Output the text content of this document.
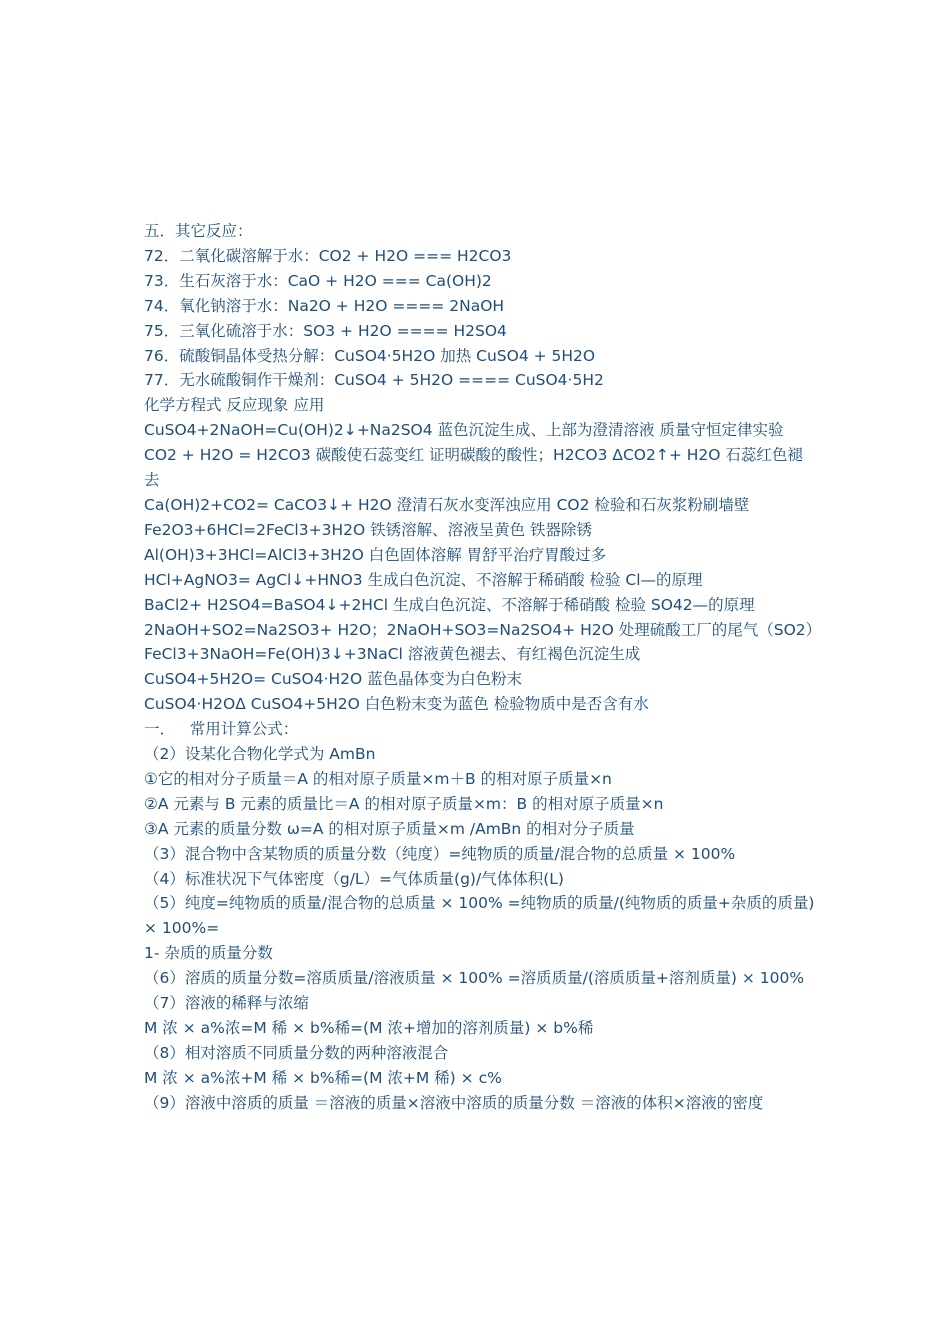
五．其它反应：
72．二氧化碳溶解于水：CO2 + H2O === H2CO3
73．生石灰溶于水：CaO + H2O === Ca(OH)2
74．氧化钠溶于水：Na2O + H2O ==== 2NaOH
75．三氧化硫溶于水：SO3 + H2O ==== H2SO4
76．硫酸铜晶体受热分解：CuSO4·5H2O 加热 CuSO4 + 5H2O
77．无水硫酸铜作干燥剂：CuSO4 + 5H2O ==== CuSO4·5H2
化学方程式 反应现象 应用
CuSO4+2NaOH=Cu(OH)2↓+Na2SO4 蓝色沉淀生成、上部为澄清溶液 质量守恒定律实验
CO2 + H2O = H2CO3 碳酸使石蕊变红 证明碳酸的酸性；H2CO3 ΔCO2↑+ H2O 石蕊红色褪去
Ca(OH)2+CO2= CaCO3↓+ H2O 澄清石灰水变浑浊应用 CO2 检验和石灰浆粉刷墙壁
Fe2O3+6HCl=2FeCl3+3H2O 铁锈溶解、溶液呈黄色 铁器除锈
Al(OH)3+3HCl=AlCl3+3H2O 白色固体溶解 胃舒平治疗胃酸过多
HCl+AgNO3= AgCl↓+HNO3 生成白色沉淀、不溶解于稀硝酸 检验 Cl—的原理
BaCl2+ H2SO4=BaSO4↓+2HCl 生成白色沉淀、不溶解于稀硝酸 检验 SO42—的原理
2NaOH+SO2=Na2SO3+ H2O；2NaOH+SO3=Na2SO4+ H2O 处理硫酸工厂的尾气（SO2）
FeCl3+3NaOH=Fe(OH)3↓+3NaCl 溶液黄色褪去、有红褐色沉淀生成
CuSO4+5H2O= CuSO4·H2O 蓝色晶体变为白色粉末
CuSO4·H2OΔ CuSO4+5H2O 白色粉末变为蓝色 检验物质中是否含有水
一．   常用计算公式：
（2）设某化合物化学式为 AmBn
①它的相对分子质量＝A 的相对原子质量×m＋B 的相对原子质量×n
②A 元素与 B 元素的质量比＝A 的相对原子质量×m：B 的相对原子质量×n
③A 元素的质量分数 ω=A 的相对原子质量×m /AmBn 的相对分子质量
（3）混合物中含某物质的质量分数（纯度）=纯物质的质量/混合物的总质量 × 100%
（4）标准状况下气体密度（g/L）=气体质量(g)/气体体积(L)
（5）纯度=纯物质的质量/混合物的总质量 × 100% =纯物质的质量/(纯物质的质量+杂质的质量) × 100%=
1- 杂质的质量分数
（6）溶质的质量分数=溶质质量/溶液质量 × 100% =溶质质量/(溶质质量+溶剂质量) × 100%
（7）溶液的稀释与浓缩
M 浓 × a%浓=M 稀 × b%稀=(M 浓+增加的溶剂质量) × b%稀
（8）相对溶质不同质量分数的两种溶液混合
M 浓 × a%浓+M 稀 × b%稀=(M 浓+M 稀) × c%
（9）溶液中溶质的质量 ＝溶液的质量×溶液中溶质的质量分数 ＝溶液的体积×溶液的密度
